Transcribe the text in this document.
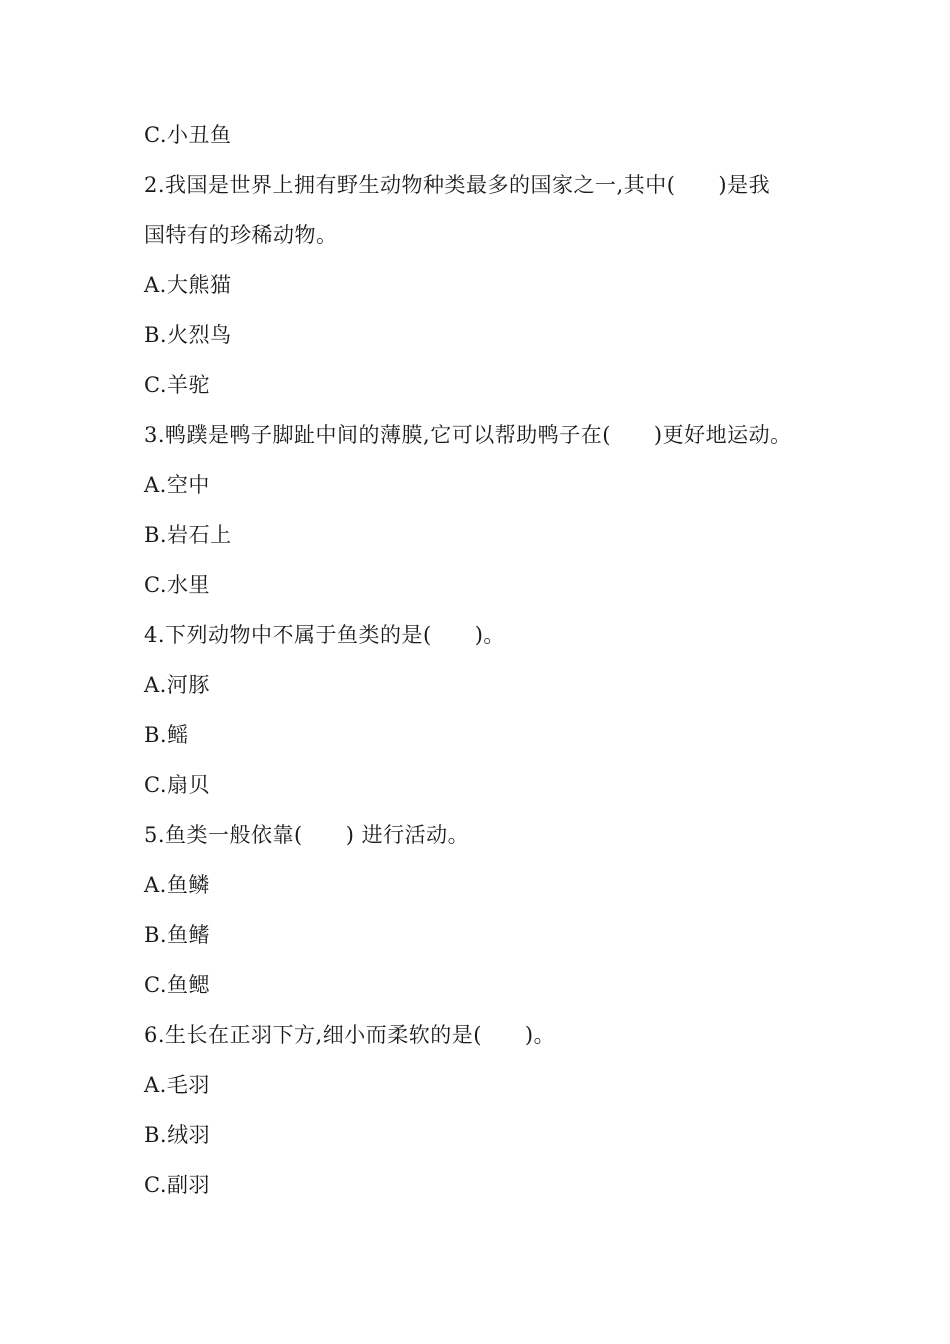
C.小丑鱼
2.我国是世界上拥有野生动物种类最多的国家之一,其中(　　)是我
国特有的珍稀动物。
A.大熊猫
B.火烈鸟
C.羊驼
3.鸭蹼是鸭子脚趾中间的薄膜,它可以帮助鸭子在(　　)更好地运动。
A.空中
B.岩石上
C.水里
4.下列动物中不属于鱼类的是(　　)。
A.河豚
B.鳐
C.扇贝
5.鱼类一般依靠(　　) 进行活动。
A.鱼鳞
B.鱼鳍
C.鱼鳃
6.生长在正羽下方,细小而柔软的是(　　)。
A.毛羽
B.绒羽
C.副羽
